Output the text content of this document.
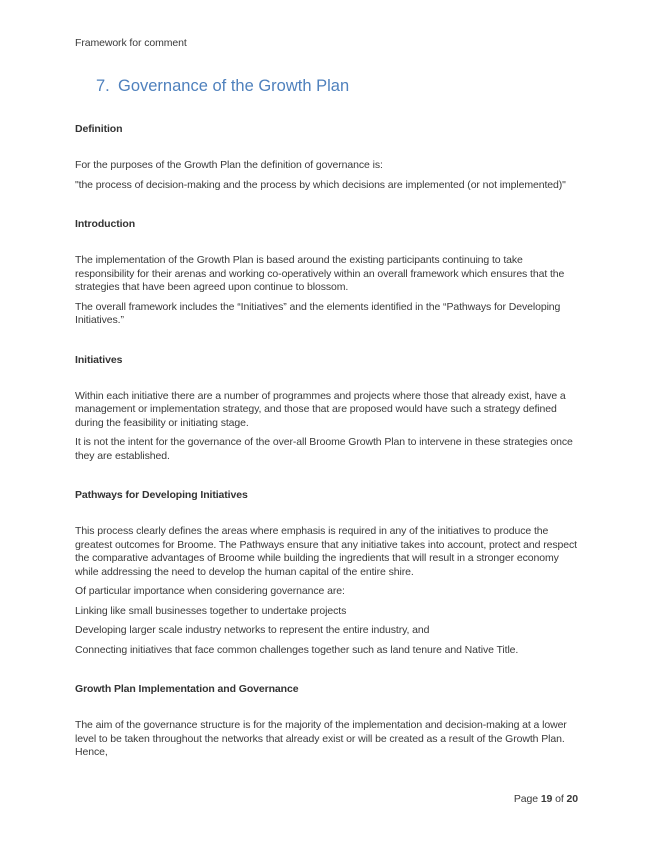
Framework for comment
7. Governance of the Growth Plan
Definition

For the purposes of the Growth Plan the definition of governance is:

"the process of decision-making and the process by which decisions are implemented (or not implemented)"

Introduction

The implementation of the Growth Plan is based around the existing participants continuing to take responsibility for their arenas and working co-operatively within an overall framework which ensures that the strategies that have been agreed upon continue to blossom.

The overall framework includes the “Initiatives” and the elements identified in the “Pathways for Developing Initiatives.”

Initiatives

Within each initiative there are a number of programmes and projects where those that already exist, have a management or implementation strategy, and those that are proposed would have such a strategy defined during the feasibility or initiating stage.

It is not the intent for the governance of the over-all Broome Growth Plan to intervene in these strategies once they are established.

Pathways for Developing Initiatives

This process clearly defines the areas where emphasis is required in any of the initiatives to produce the greatest outcomes for Broome. The Pathways ensure that any initiative takes into account, protect and respect the comparative advantages of Broome while building the ingredients that will result in a stronger economy while addressing the need to develop the human capital of the entire shire.

Of particular importance when considering governance are:

Linking like small businesses together to undertake projects

Developing larger scale industry networks to represent the entire industry, and

Connecting initiatives that face common challenges together such as land tenure and Native Title.

Growth Plan Implementation and Governance

The aim of the governance structure is for the majority of the implementation and decision-making at a lower level to be taken throughout the networks that already exist or will be created as a result of the Growth Plan. Hence,

Page 19 of 20
